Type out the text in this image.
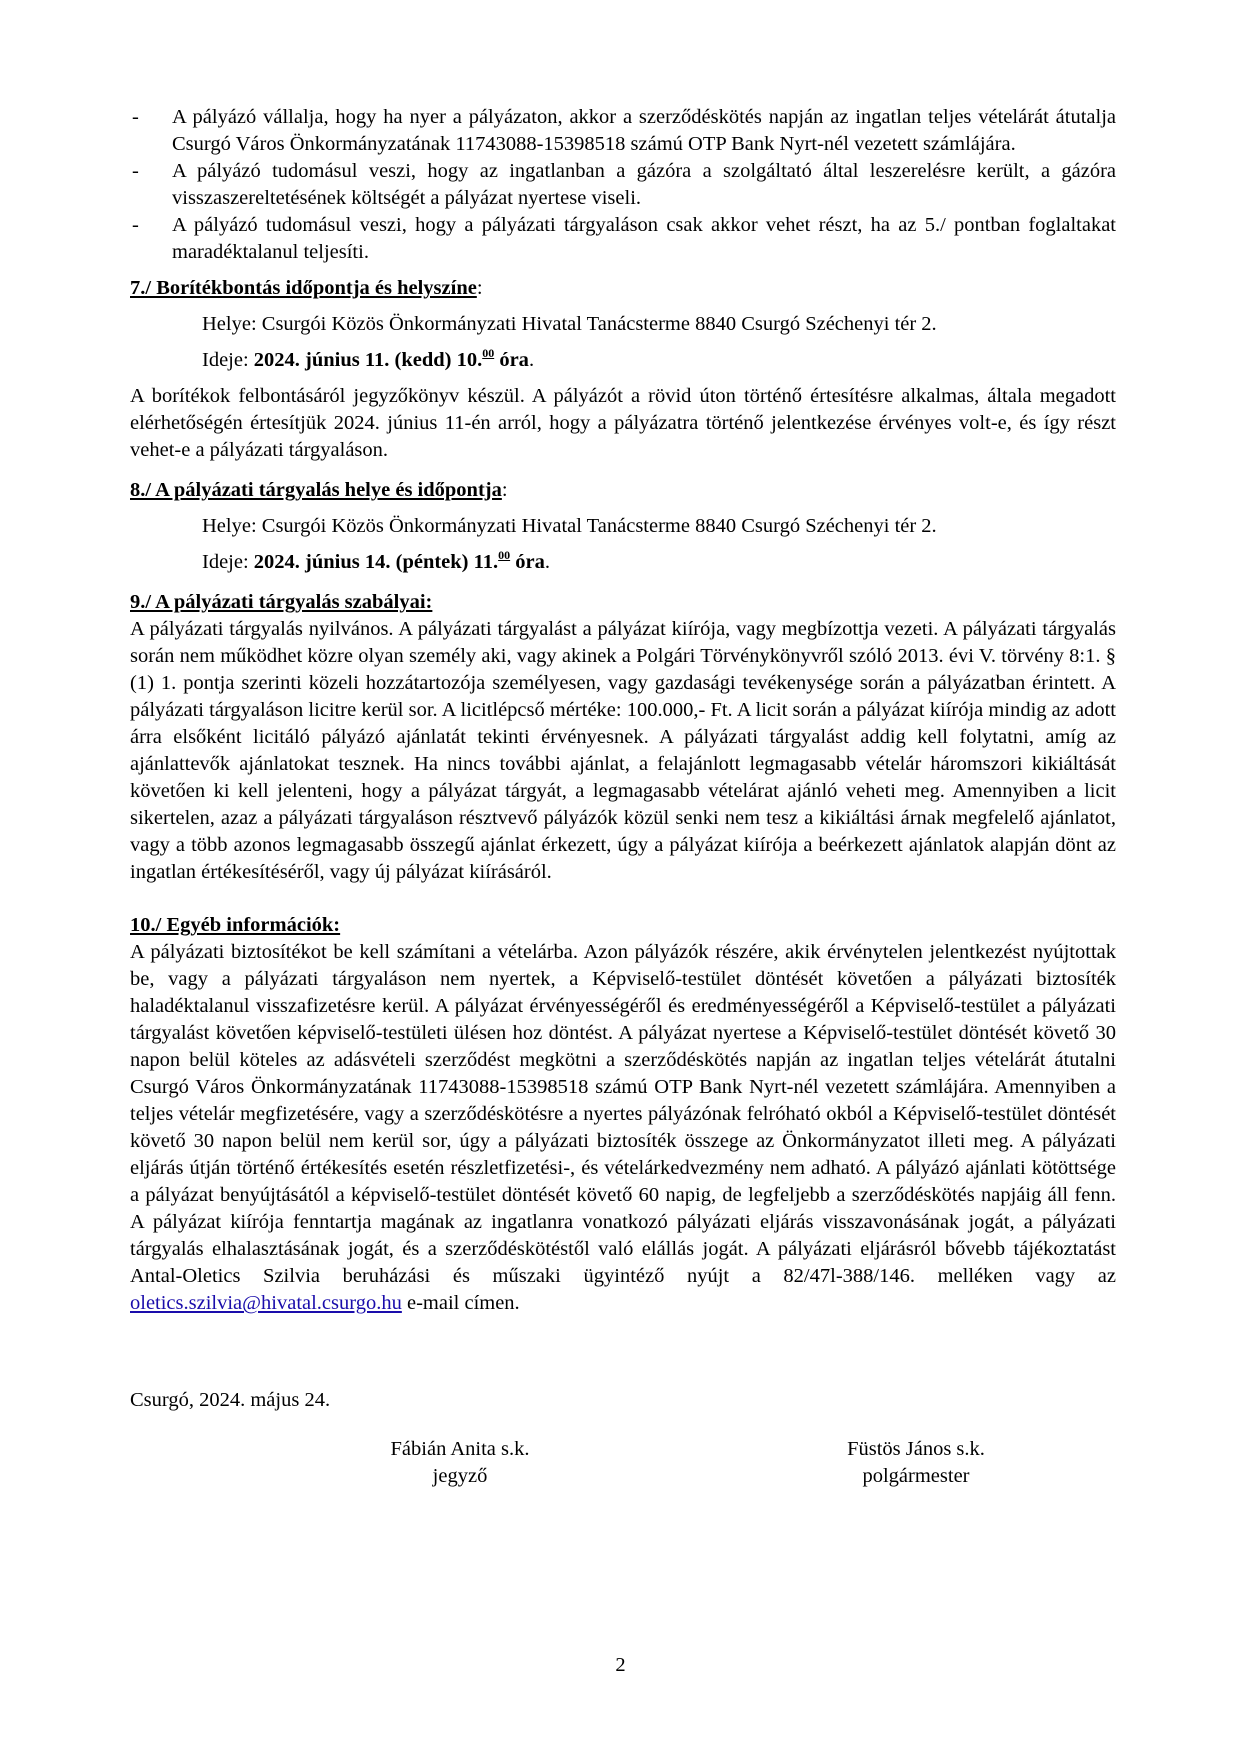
- A pályázó vállalja, hogy ha nyer a pályázaton, akkor a szerződéskötés napján az ingatlan teljes vételárát átutalja Csurgó Város Önkormányzatának 11743088-15398518 számú OTP Bank Nyrt-nél vezetett számlájára.
- A pályázó tudomásul veszi, hogy az ingatlanban a gázóra a szolgáltató által leszerelésre került, a gázóra visszaszereltetésének költségét a pályázat nyertese viseli.
- A pályázó tudomásul veszi, hogy a pályázati tárgyaláson csak akkor vehet részt, ha az 5./ pontban foglaltakat maradéktalanul teljesíti.
7./ Borítékbontás időpontja és helyszíne:
Helye: Csurgói Közös Önkormányzati Hivatal Tanácsterme 8840 Csurgó Széchenyi tér 2.
Ideje: 2024. június 11. (kedd) 10.00 óra.
A borítékok felbontásáról jegyzőkönyv készül. A pályázót a rövid úton történő értesítésre alkalmas, általa megadott elérhetőségén értesítjük 2024. június 11-én arról, hogy a pályázatra történő jelentkezése érvényes volt-e, és így részt vehet-e a pályázati tárgyaláson.
8./ A pályázati tárgyalás helye és időpontja:
Helye: Csurgói Közös Önkormányzati Hivatal Tanácsterme 8840 Csurgó Széchenyi tér 2.
Ideje: 2024. június 14. (péntek) 11.00 óra.
9./ A pályázati tárgyalás szabályai:
A pályázati tárgyalás nyilvános. A pályázati tárgyalást a pályázat kiírója, vagy megbízottja vezeti. A pályázati tárgyalás során nem működhet közre olyan személy aki, vagy akinek a Polgári Törvénykönyvről szóló 2013. évi V. törvény 8:1. § (1) 1. pontja szerinti közeli hozzátartozója személyesen, vagy gazdasági tevékenysége során a pályázatban érintett. A pályázati tárgyaláson licitre kerül sor. A licitlépcső mértéke: 100.000,- Ft. A licit során a pályázat kiírója mindig az adott árra elsőként licitáló pályázó ajánlatát tekinti érvényesnek. A pályázati tárgyalást addig kell folytatni, amíg az ajánlattevők ajánlatokat tesznek. Ha nincs további ajánlat, a felajánlott legmagasabb vételár háromszori kikiáltását követően ki kell jelenteni, hogy a pályázat tárgyát, a legmagasabb vételárat ajánló veheti meg. Amennyiben a licit sikertelen, azaz a pályázati tárgyaláson résztvevő pályázók közül senki nem tesz a kikiáltási árnak megfelelő ajánlatot, vagy a több azonos legmagasabb összegű ajánlat érkezett, úgy a pályázat kiírója a beérkezett ajánlatok alapján dönt az ingatlan értékesítéséről, vagy új pályázat kiírásáról.
10./ Egyéb információk:
A pályázati biztosítékot be kell számítani a vételárba. Azon pályázók részére, akik érvénytelen jelentkezést nyújtottak be, vagy a pályázati tárgyaláson nem nyertek, a Képviselő-testület döntését követően a pályázati biztosíték haladéktalanul visszafizetésre kerül. A pályázat érvényességéről és eredményességéről a Képviselő-testület a pályázati tárgyalást követően képviselő-testületi ülésen hoz döntést. A pályázat nyertese a Képviselő-testület döntését követő 30 napon belül köteles az adásvételi szerződést megkötni a szerződéskötés napján az ingatlan teljes vételárát átutalni Csurgó Város Önkormányzatának 11743088-15398518 számú OTP Bank Nyrt-nél vezetett számlájára. Amennyiben a teljes vételár megfizetésére, vagy a szerződéskötésre a nyertes pályázónak felróható okból a Képviselő-testület döntését követő 30 napon belül nem kerül sor, úgy a pályázati biztosíték összege az Önkormányzatot illeti meg. A pályázati eljárás útján történő értékesítés esetén részletfizetési-, és vételárkedvezmény nem adható. A pályázó ajánlati kötöttsége a pályázat benyújtásától a képviselő-testület döntését követő 60 napig, de legfeljebb a szerződéskötés napjáig áll fenn. A pályázat kiírója fenntartja magának az ingatlanra vonatkozó pályázati eljárás visszavonásának jogát, a pályázati tárgyalás elhalasztásának jogát, és a szerződéskötéstől való elállás jogát. A pályázati eljárásról bővebb tájékoztatást Antal-Oletics Szilvia beruházási és műszaki ügyintéző nyújt a 82/47l-388/146. melléken vagy az oletics.szilvia@hivatal.csurgo.hu e-mail címen.
Csurgó, 2024. május 24.
Fábián Anita s.k.
jegyző
Füstös János s.k.
polgármester
2
